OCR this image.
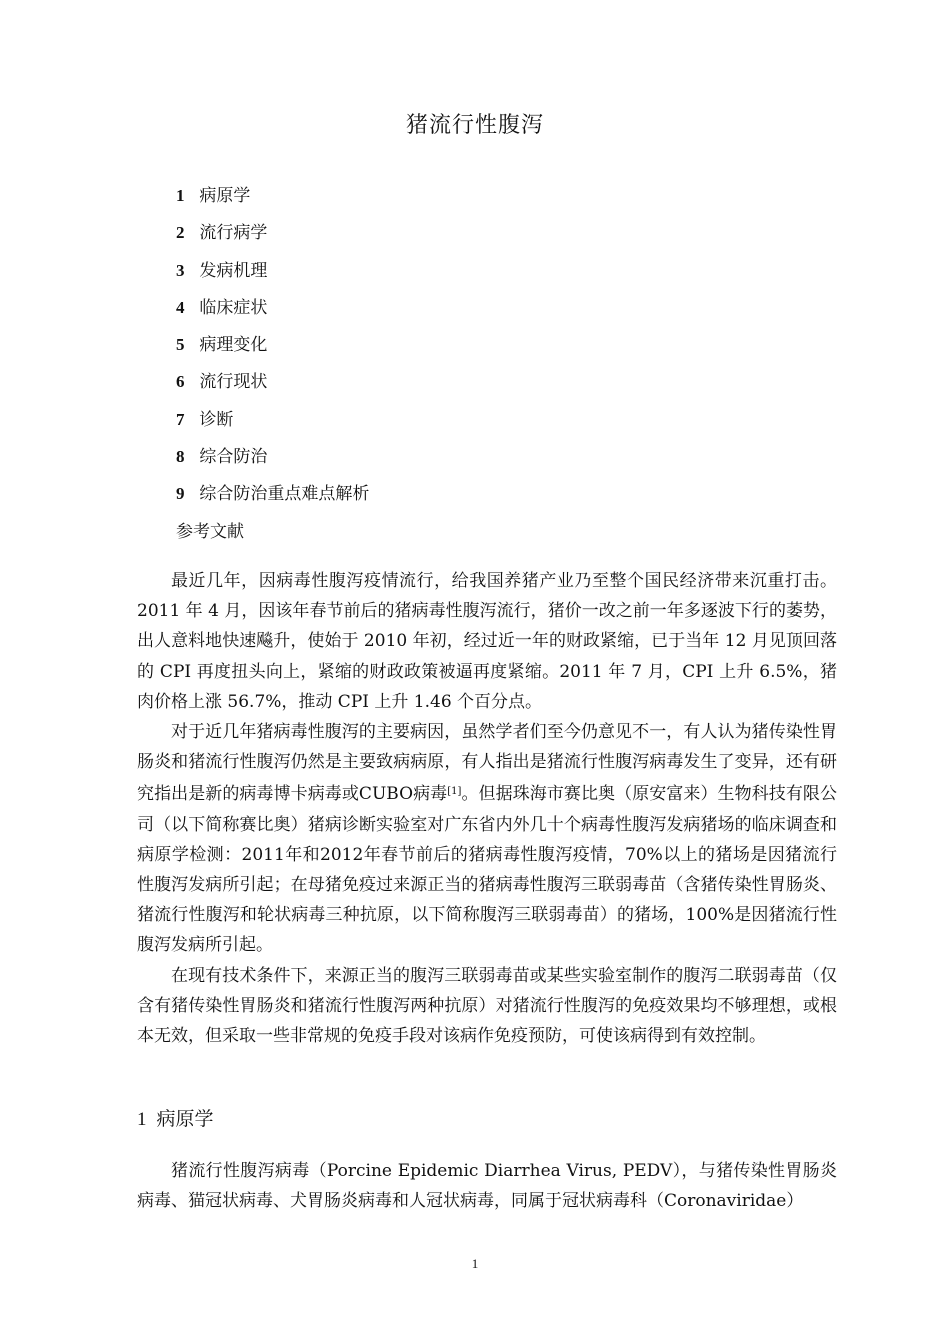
猪流行性腹泻
1 病原学
2 流行病学
3 发病机理
4 临床症状
5 病理变化
6 流行现状
7 诊断
8 综合防治
9 综合防治重点难点解析
参考文献

最近几年，因病毒性腹泻疫情流行，给我国养猪产业乃至整个国民经济带来沉重打击。2011 年 4 月，因该年春节前后的猪病毒性腹泻流行，猪价一改之前一年多逐波下行的萎势，出人意料地快速飚升，使始于 2010 年初，经过近一年的财政紧缩，已于当年 12 月见顶回落的 CPI 再度扭头向上，紧缩的财政政策被逼再度紧缩。2011 年 7 月，CPI 上升 6.5%，猪肉价格上涨 56.7%，推动 CPI 上升 1.46 个百分点。

对于近几年猪病毒性腹泻的主要病因，虽然学者们至今仍意见不一，有人认为猪传染性胃肠炎和猪流行性腹泻仍然是主要致病病原，有人指出是猪流行性腹泻病毒发生了变异，还有研究指出是新的病毒博卡病毒或CUBO病毒[1]。但据珠海市赛比奥（原安富来）生物科技有限公司（以下简称赛比奥）猪病诊断实验室对广东省内外几十个病毒性腹泻发病猪场的临床调查和病原学检测：2011年和2012年春节前后的猪病毒性腹泻疫情，70%以上的猪场是因猪流行性腹泻发病所引起；在母猪免疫过来源正当的猪病毒性腹泻三联弱毒苗（含猪传染性胃肠炎、猪流行性腹泻和轮状病毒三种抗原，以下简称腹泻三联弱毒苗）的猪场，100%是因猪流行性腹泻发病所引起。

在现有技术条件下，来源正当的腹泻三联弱毒苗或某些实验室制作的腹泻二联弱毒苗（仅含有猪传染性胃肠炎和猪流行性腹泻两种抗原）对猪流行性腹泻的免疫效果均不够理想，或根本无效，但采取一些非常规的免疫手段对该病作免疫预防，可使该病得到有效控制。

1 病原学

猪流行性腹泻病毒（Porcine Epidemic Diarrhea Virus, PEDV），与猪传染性胃肠炎病毒、猫冠状病毒、犬胃肠炎病毒和人冠状病毒，同属于冠状病毒科（Coronaviridae）

1
